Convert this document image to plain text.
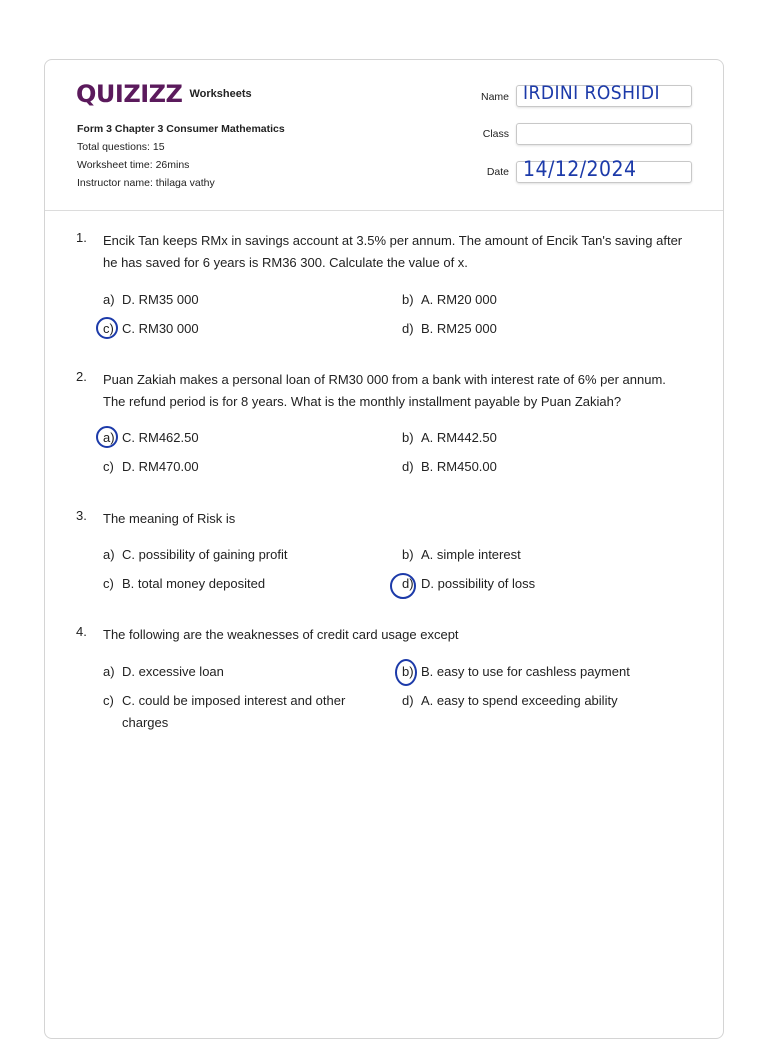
QUIZIZZ Worksheets
Form 3 Chapter 3 Consumer Mathematics
Total questions: 15
Worksheet time: 26mins
Instructor name: thilaga vathy
Name IRDINI ROSHIDI
Class
Date 14/12/2024
1. Encik Tan keeps RMx in savings account at 3.5% per annum. The amount of Encik Tan's saving after he has saved for 6 years is RM36 300. Calculate the value of x.
a) D. RM35 000	b) A. RM20 000
c) C. RM30 000	d) B. RM25 000
2. Puan Zakiah makes a personal loan of RM30 000 from a bank with interest rate of 6% per annum. The refund period is for 8 years. What is the monthly installment payable by Puan Zakiah?
a) C. RM462.50	b) A. RM442.50
c) D. RM470.00	d) B. RM450.00
3. The meaning of Risk is
a) C. possibility of gaining profit	b) A. simple interest
c) B. total money deposited	d) D. possibility of loss
4. The following are the weaknesses of credit card usage except
a) D. excessive loan	b) B. easy to use for cashless payment
c) C. could be imposed interest and other charges
d) A. easy to spend exceeding ability
